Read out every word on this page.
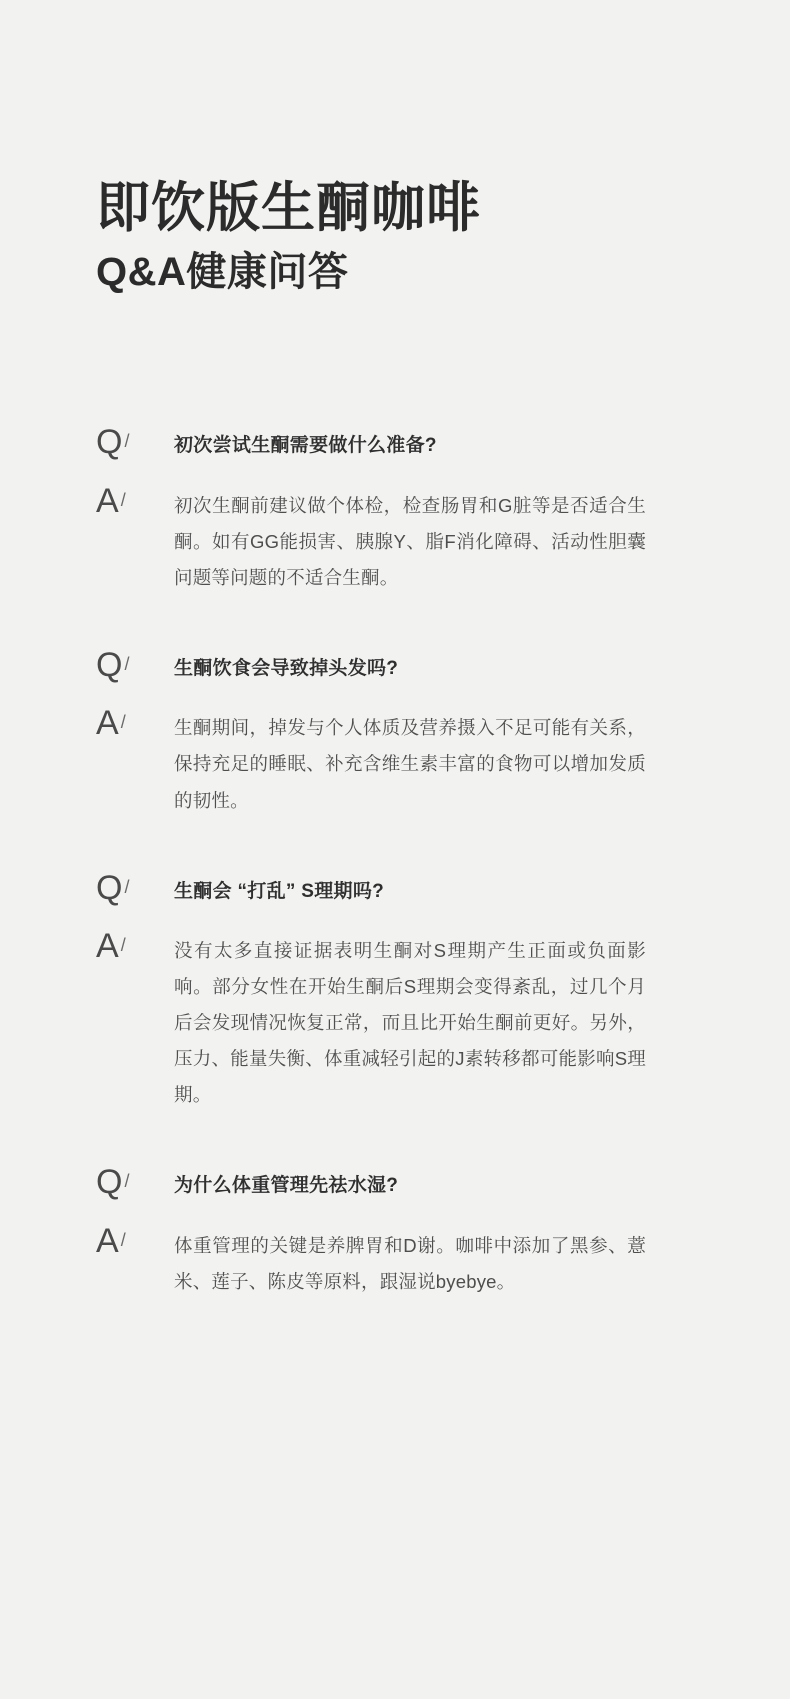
即饮版生酮咖啡
Q&A健康问答
Q /	初次尝试生酮需要做什么准备?
A /	初次生酮前建议做个体检，检查肠胃和G脏等是否适合生酮。如有GG能损害、胰腺Y、脂F消化障碍、活动性胆囊问题等问题的不适合生酮。
Q /	生酮饮食会导致掉头发吗?
A /	生酮期间，掉发与个人体质及营养摄入不足可能有关系，保持充足的睡眠、补充含维生素丰富的食物可以增加发质的韧性。
Q /	生酮会 “打乱” S理期吗?
A /	没有太多直接证据表明生酮对S理期产生正面或负面影响。部分女性在开始生酮后S理期会变得紊乱，过几个月后会发现情况恢复正常，而且比开始生酮前更好。另外，压力、能量失衡、体重减轻引起的J素转移都可能影响S理期。
Q /	为什么体重管理先祛水湿?
A /	体重管理的关键是养脾胃和D谢。咖啡中添加了黑参、薏米、莲子、陈皮等原料，跟湿说byebye。
